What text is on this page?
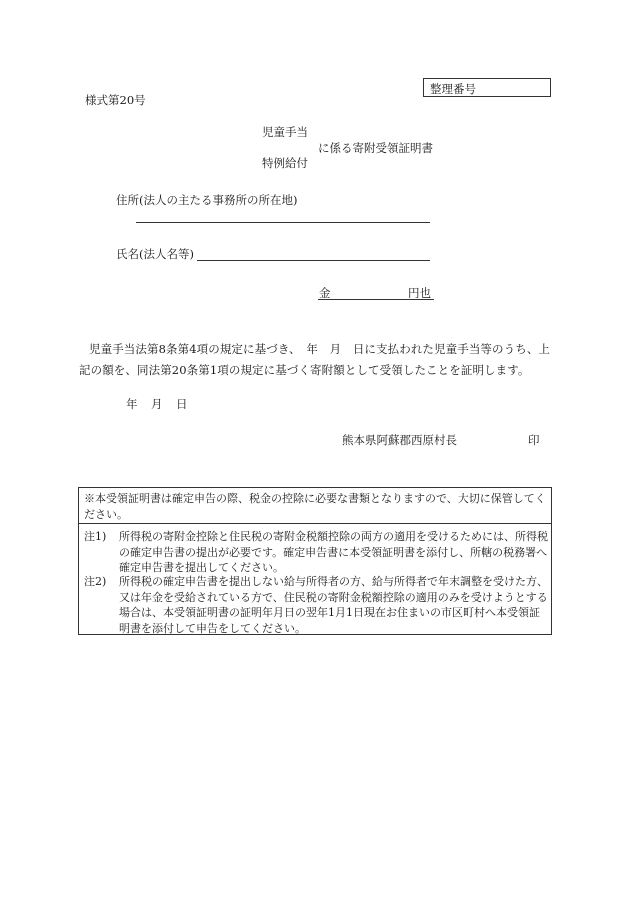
様式第20号
整理番号
児童手当
に係る寄附受領証明書
特例給付
住所(法人の主たる事務所の所在地)
氏名(法人名等)
金	円也
児童手当法第8条第4項の規定に基づき、　年　月　日に支払われた児童手当等のうち、上記の額を、同法第20条第1項の規定に基づく寄附額として受領したことを証明します。
年　月　日
熊本県阿蘇郡西原村長	印
※本受領証明書は確定申告の際、税金の控除に必要な書類となりますので、大切に保管してください。
注1) 所得税の寄附金控除と住民税の寄附金税額控除の両方の適用を受けるためには、所得税の確定申告書の提出が必要です。確定申告書に本受領証明書を添付し、所轄の税務署へ確定申告書を提出してください。
注2) 所得税の確定申告書を提出しない給与所得者の方、給与所得者で年末調整を受けた方、又は年金を受給されている方で、住民税の寄附金税額控除の適用のみを受けようとする場合は、本受領証明書の証明年月日の翌年1月1日現在お住まいの市区町村へ本受領証明書を添付して申告をしてください。
